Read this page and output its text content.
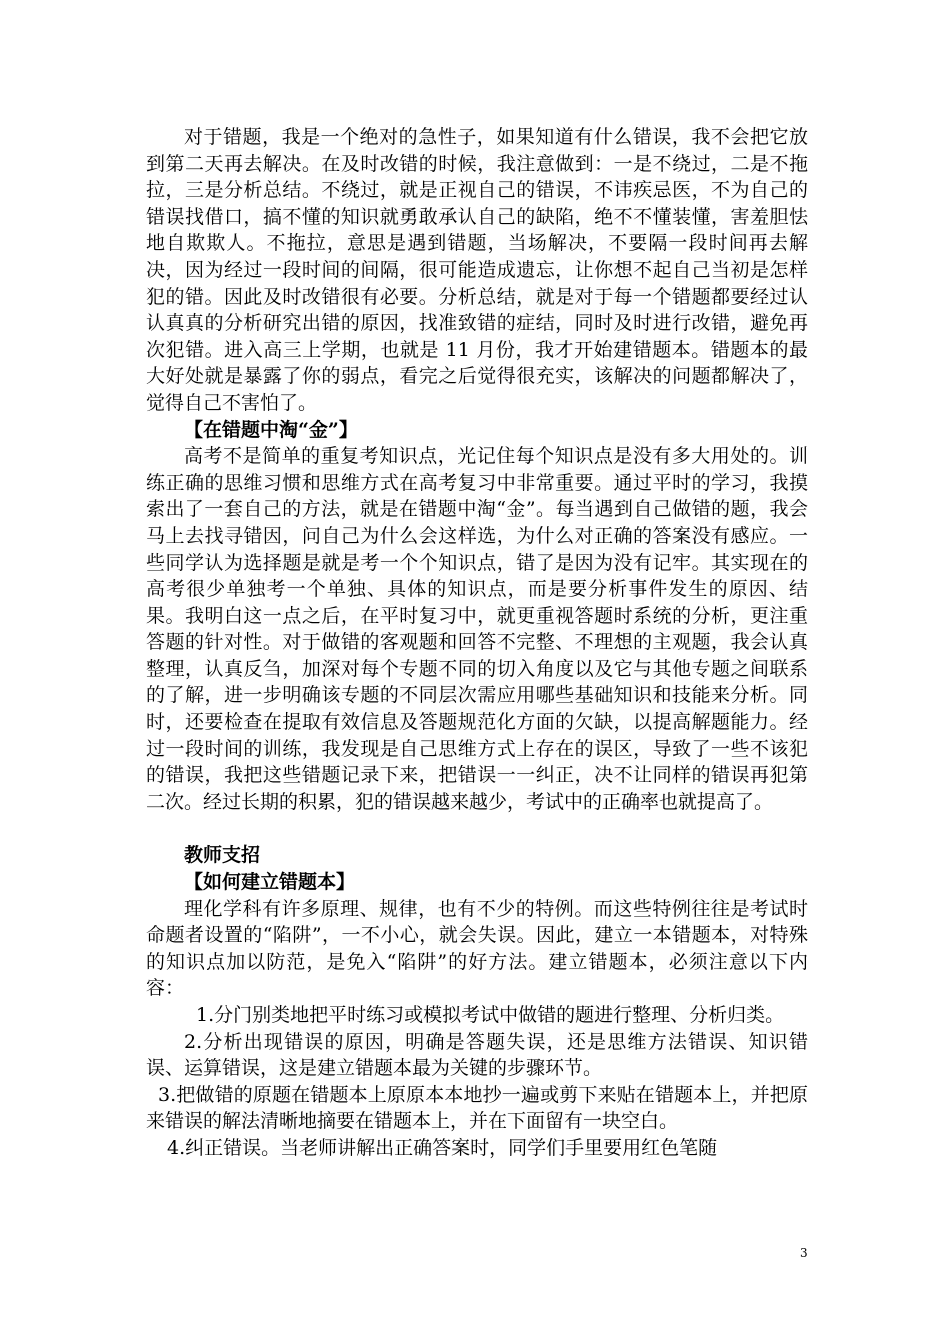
对于错题，我是一个绝对的急性子，如果知道有什么错误，我不会把它放到第二天再去解决。在及时改错的时候，我注意做到：一是不绕过，二是不拖拉，三是分析总结。不绕过，就是正视自己的错误，不讳疾忌医，不为自己的错误找借口，搞不懂的知识就勇敢承认自己的缺陷，绝不不懂装懂，害羞胆怯地自欺欺人。不拖拉，意思是遇到错题，当场解决，不要隔一段时间再去解决，因为经过一段时间的间隔，很可能造成遗忘，让你想不起自己当初是怎样犯的错。因此及时改错很有必要。分析总结，就是对于每一个错题都要经过认认真真的分析研究出错的原因，找准致错的症结，同时及时进行改错，避免再次犯错。进入高三上学期，也就是 11 月份，我才开始建错题本。错题本的最大好处就是暴露了你的弱点，看完之后觉得很充实，该解决的问题都解决了，觉得自己不害怕了。

【在错题中淘“金”】

高考不是简单的重复考知识点，光记住每个知识点是没有多大用处的。训练正确的思维习惯和思维方式在高考复习中非常重要。通过平时的学习，我摸索出了一套自己的方法，就是在错题中淘“金”。每当遇到自己做错的题，我会马上去找寻错因，问自己为什么会这样选，为什么对正确的答案没有感应。一些同学认为选择题是就是考一个个知识点，错了是因为没有记牢。其实现在的高考很少单独考一个单独、具体的知识点，而是要分析事件发生的原因、结果。我明白这一点之后，在平时复习中，就更重视答题时系统的分析，更注重答题的针对性。对于做错的客观题和回答不完整、不理想的主观题，我会认真整理，认真反刍，加深对每个专题不同的切入角度以及它与其他专题之间联系的了解，进一步明确该专题的不同层次需应用哪些基础知识和技能来分析。同时，还要检查在提取有效信息及答题规范化方面的欠缺，以提高解题能力。经过一段时间的训练，我发现是自己思维方式上存在的误区，导致了一些不该犯的错误，我把这些错题记录下来，把错误一一纠正，决不让同样的错误再犯第二次。经过长期的积累，犯的错误越来越少，考试中的正确率也就提高了。

教师支招

【如何建立错题本】

理化学科有许多原理、规律，也有不少的特例。而这些特例往往是考试时命题者设置的“陷阱”，一不小心，就会失误。因此，建立一本错题本，对特殊的知识点加以防范，是免入“陷阱”的好方法。建立错题本，必须注意以下内容：

1.分门别类地把平时练习或模拟考试中做错的题进行整理、分析归类。

2.分析出现错误的原因，明确是答题失误，还是思维方法错误、知识错误、运算错误，这是建立错题本最为关键的步骤环节。

3.把做错的原题在错题本上原原本本地抄一遍或剪下来贴在错题本上，并把原来错误的解法清晰地摘要在错题本上，并在下面留有一块空白。

4.纠正错误。当老师讲解出正确答案时，同学们手里要用红色笔随

3
